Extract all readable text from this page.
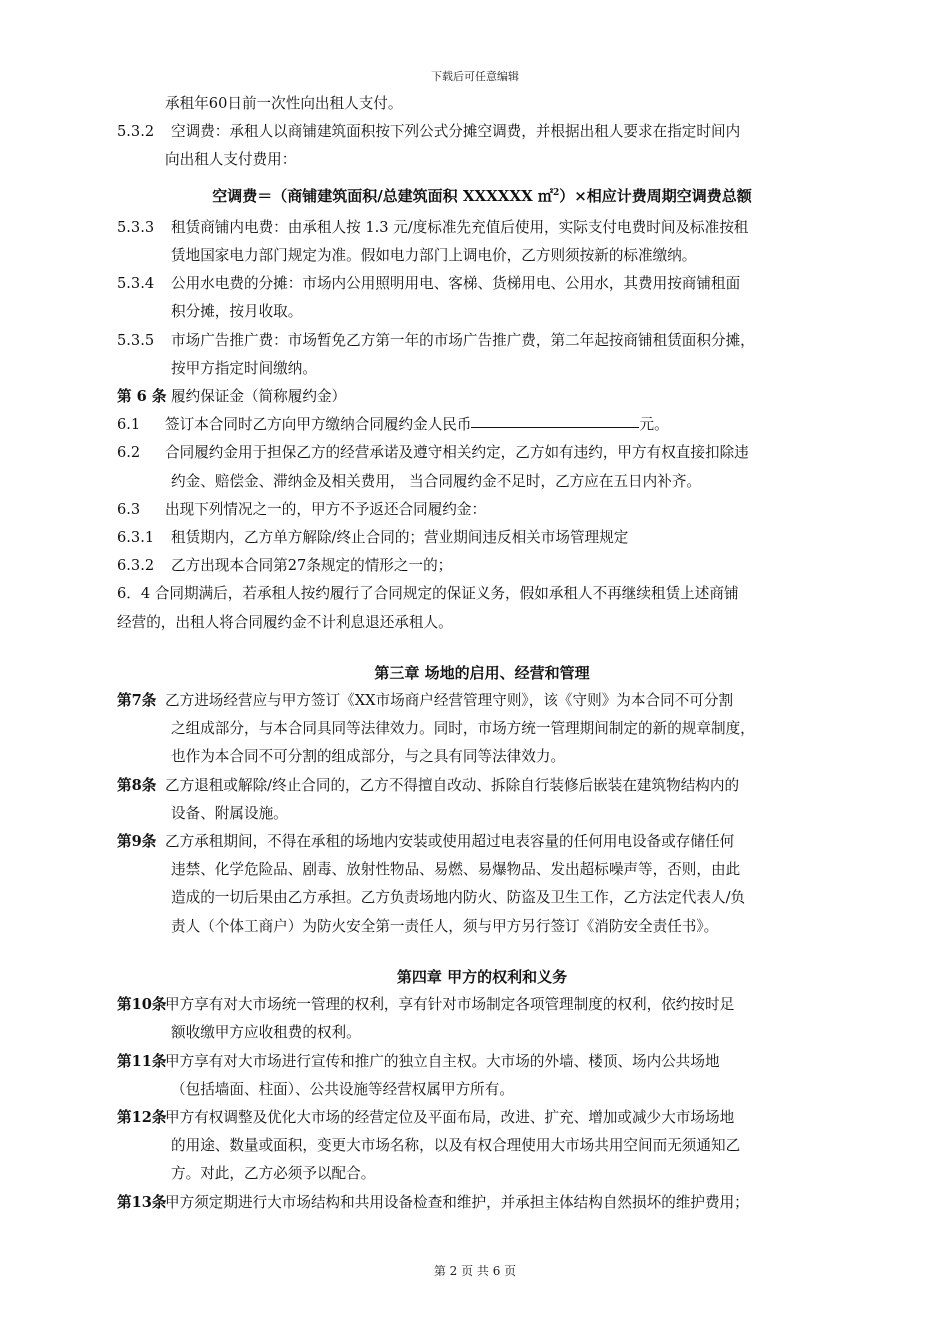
下载后可任意编辑
承租年60日前一次性向出租人支付。
5.3.2	空调费：承租人以商铺建筑面积按下列公式分摊空调费，并根据出租人要求在指定时间内
向出租人支付费用：
空调费＝（商铺建筑面积/总建筑面积 XXXXXX ㎡$^2$）×相应计费周期空调费总额
5.3.3	租赁商铺内电费：由承租人按 1.3 元/度标准先充值后使用，实际支付电费时间及标准按租
赁地国家电力部门规定为准。假如电力部门上调电价，乙方则须按新的标准缴纳。
5.3.4	公用水电费的分摊：市场内公用照明用电、客梯、货梯用电、公用水，其费用按商铺租面
积分摊，按月收取。
5.3.5	市场广告推广费：市场暂免乙方第一年的市场广告推广费，第二年起按商铺租赁面积分摊，
按甲方指定时间缴纳。
第 6 条 履约保证金（简称履约金）
6.1	签订本合同时乙方向甲方缴纳合同履约金人民币	元。
6.2	合同履约金用于担保乙方的经营承诺及遵守相关约定，乙方如有违约，甲方有权直接扣除违
约金、赔偿金、滞纳金及相关费用， 当合同履约金不足时，乙方应在五日内补齐。
6.3	出现下列情况之一的，甲方不予返还合同履约金：
6.3.1	租赁期内，乙方单方解除/终止合同的；营业期间违反相关市场管理规定
6.3.2	乙方出现本合同第27条规定的情形之一的；
6．4 合同期满后，若承租人按约履行了合同规定的保证义务，假如承租人不再继续租赁上述商铺
经营的，出租人将合同履约金不计利息退还承租人。
第三章 场地的启用、经营和管理
第7条 乙方进场经营应与甲方签订《XX市场商户经营管理守则》，该《守则》为本合同不可分割
之组成部分，与本合同具同等法律效力。同时，市场方统一管理期间制定的新的规章制度，
也作为本合同不可分割的组成部分，与之具有同等法律效力。
第8条 乙方退租或解除/终止合同的，乙方不得擅自改动、拆除自行装修后嵌装在建筑物结构内的
设备、附属设施。
第9条 乙方承租期间，不得在承租的场地内安装或使用超过电表容量的任何用电设备或存储任何
违禁、化学危险品、剧毒、放射性物品、易燃、易爆物品、发出超标噪声等，否则，由此
造成的一切后果由乙方承担。乙方负责场地内防火、防盗及卫生工作，乙方法定代表人/负
责人（个体工商户）为防火安全第一责任人，须与甲方另行签订《消防安全责任书》。
第四章 甲方的权利和义务
第10条
甲方享有对大市场统一管理的权利，享有针对市场制定各项管理制度的权利，依约按时足
额收缴甲方应收租费的权利。
第11条
甲方享有对大市场进行宣传和推广的独立自主权。大市场的外墙、楼顶、场内公共场地
（包括墙面、柱面）、公共设施等经营权属甲方所有。
第12条
甲方有权调整及优化大市场的经营定位及平面布局，改进、扩充、增加或减少大市场场地
的用途、数量或面积，变更大市场名称，以及有权合理使用大市场共用空间而无须通知乙
方。对此，乙方必须予以配合。
第13条
甲方须定期进行大市场结构和共用设备检查和维护，并承担主体结构自然损坏的维护费用；
第 2 页 共 6 页
